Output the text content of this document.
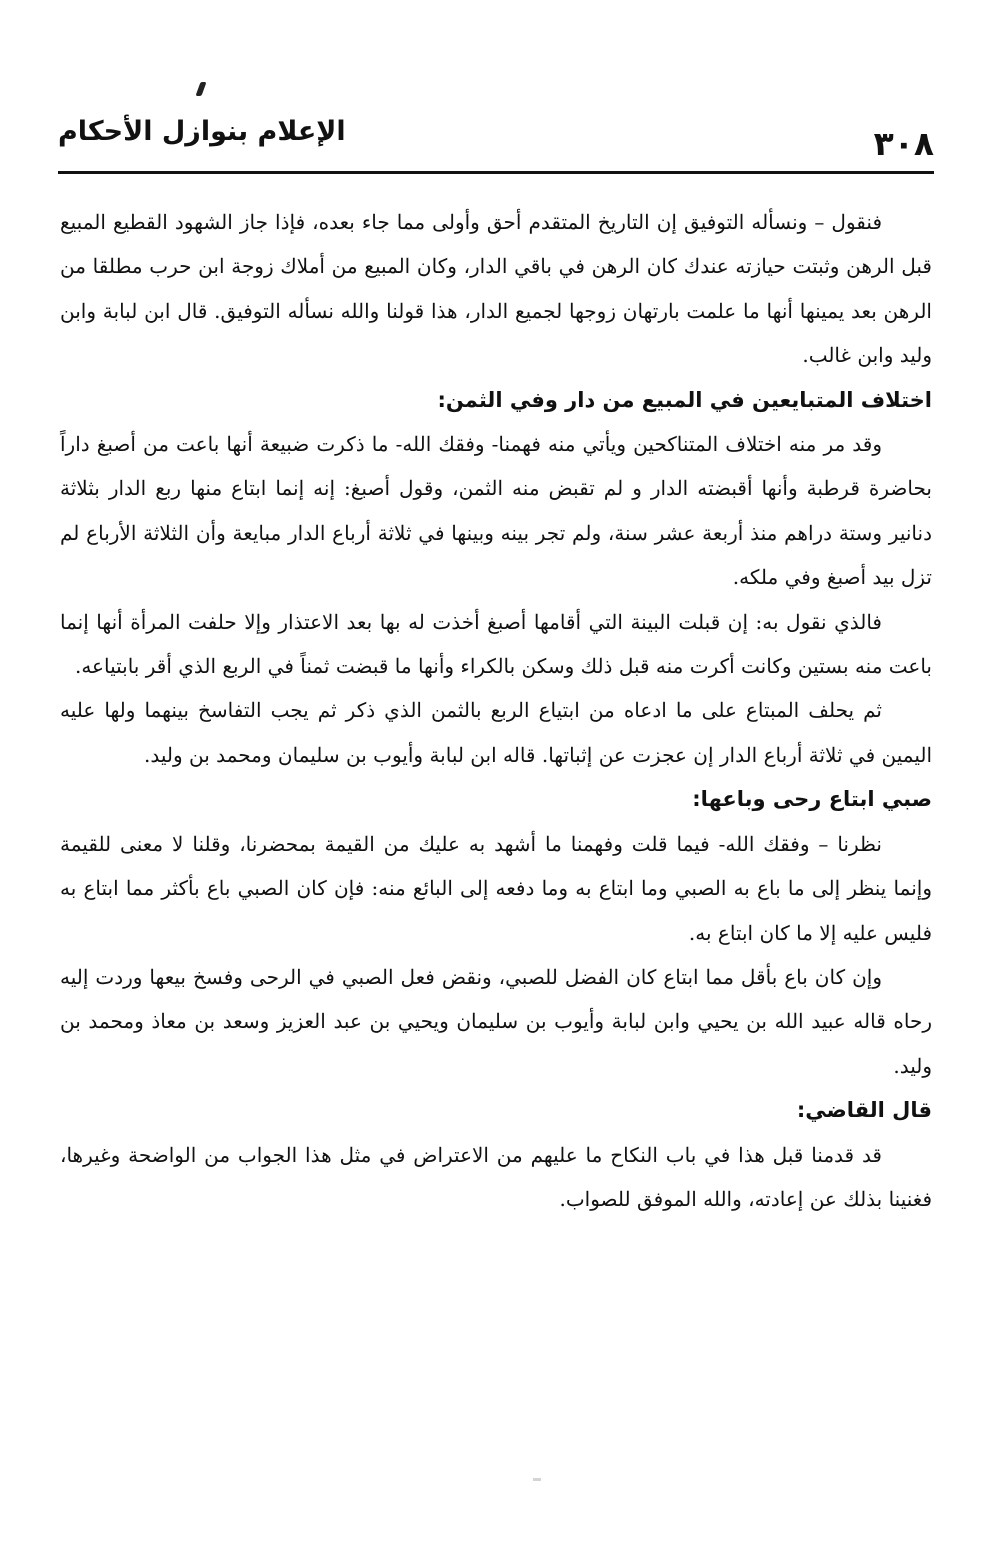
الإعلام بنوازل الأحكام	٣٠٨

فنقول – ونسأله التوفيق إن التاريخ المتقدم أحق وأولى مما جاء بعده، فإذا جاز الشهود القطيع المبيع قبل الرهن وثبتت حيازته عندك كان الرهن في باقي الدار، وكان المبيع من أملاك زوجة ابن حرب مطلقا من الرهن بعد يمينها أنها ما علمت بارتهان زوجها لجميع الدار، هذا قولنا والله نسأله التوفيق. قال ابن لبابة وابن وليد وابن غالب.

اختلاف المتبايعين في المبيع من دار وفي الثمن:

وقد مر منه اختلاف المتناكحين ويأتي منه فهمنا- وفقك الله- ما ذكرت ضبيعة أنها باعت من أصبغ داراً بحاضرة قرطبة وأنها أقبضته الدار و لم تقبض منه الثمن، وقول أصبغ: إنه إنما ابتاع منها ربع الدار بثلاثة دنانير وستة دراهم منذ أربعة عشر سنة، ولم تجر بينه وبينها في ثلاثة أرباع الدار مبايعة وأن الثلاثة الأرباع لم تزل بيد أصبغ وفي ملكه.

فالذي نقول به: إن قبلت البينة التي أقامها أصبغ أخذت له بها بعد الاعتذار وإلا حلفت المرأة أنها إنما باعت منه بستين وكانت أكرت منه قبل ذلك وسكن بالكراء وأنها ما قبضت ثمناً في الربع الذي أقر بابتياعه.

ثم يحلف المبتاع على ما ادعاه من ابتياع الربع بالثمن الذي ذكر ثم يجب التفاسخ بينهما ولها عليه اليمين في ثلاثة أرباع الدار إن عجزت عن إثباتها. قاله ابن لبابة وأيوب بن سليمان ومحمد بن وليد.

صبي ابتاع رحى وباعها:

نظرنا – وفقك الله- فيما قلت وفهمنا ما أشهد به عليك من القيمة بمحضرنا، وقلنا لا معنى للقيمة وإنما ينظر إلى ما باع به الصبي وما ابتاع به وما دفعه إلى البائع منه: فإن كان الصبي باع بأكثر مما ابتاع به فليس عليه إلا ما كان ابتاع به.

وإن كان باع بأقل مما ابتاع كان الفضل للصبي، ونقض فعل الصبي في الرحى وفسخ بيعها وردت إليه رحاه قاله عبيد الله بن يحيي وابن لبابة وأيوب بن سليمان ويحيي بن عبد العزيز وسعد بن معاذ ومحمد بن وليد.

قال القاضي:

قد قدمنا قبل هذا في باب النكاح ما عليهم من الاعتراض في مثل هذا الجواب من الواضحة وغيرها، فغنينا بذلك عن إعادته، والله الموفق للصواب.
